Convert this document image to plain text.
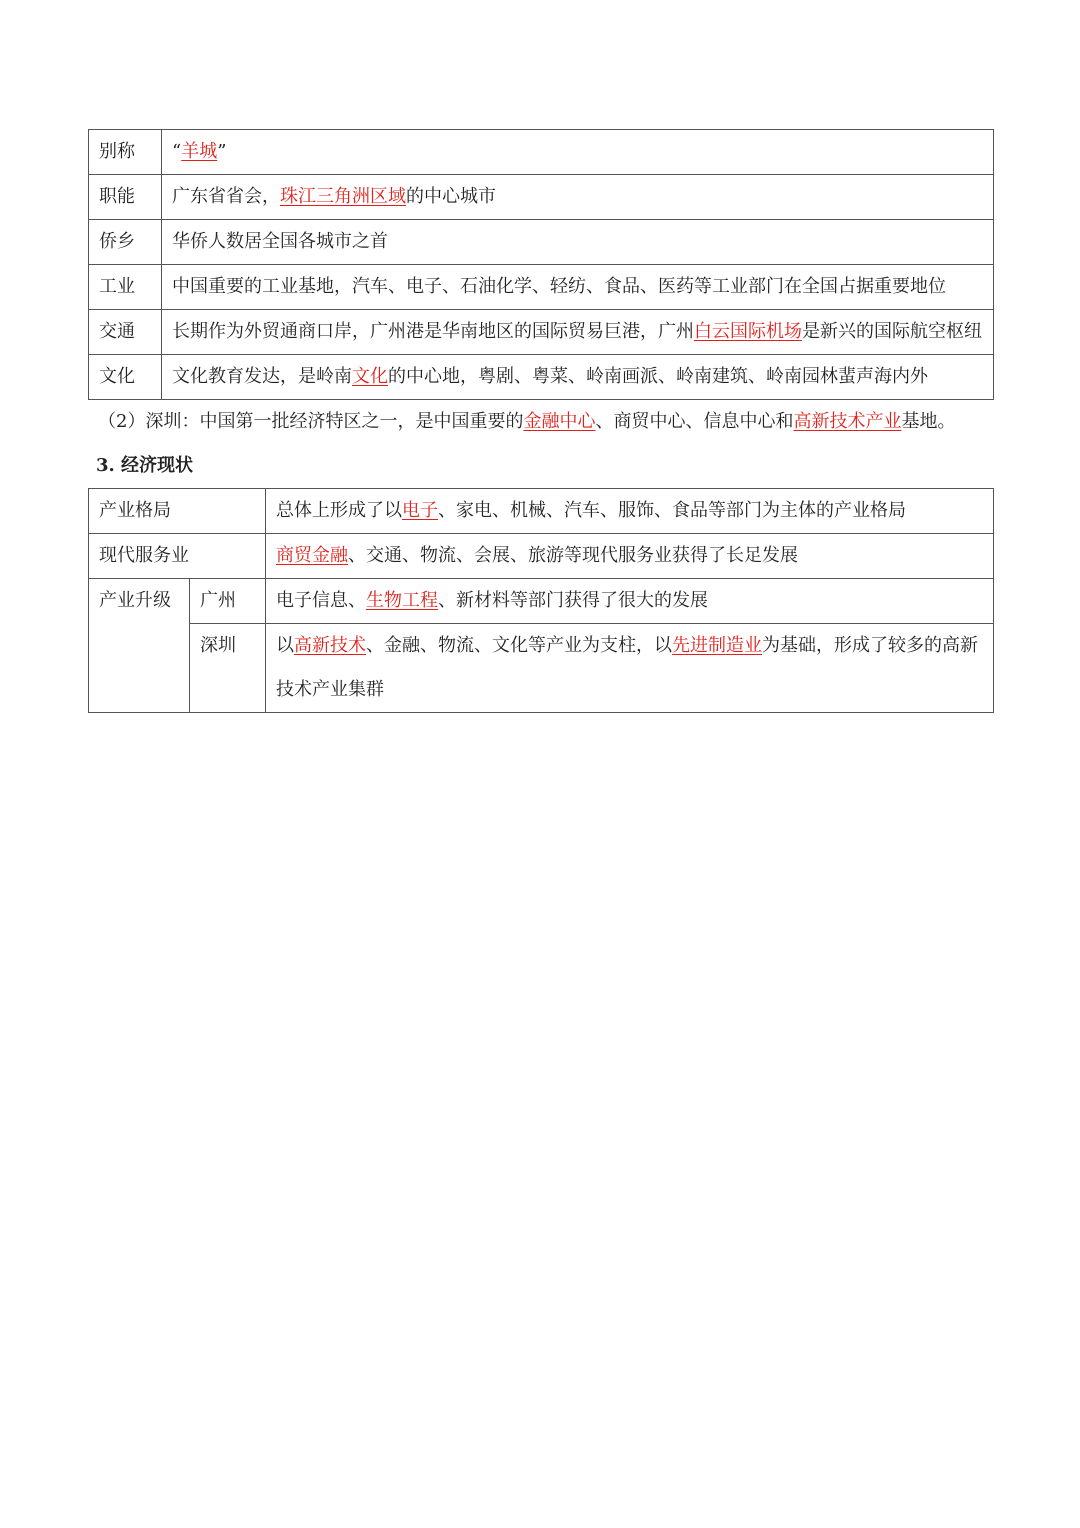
别称	“羊城”
职能	广东省省会，珠江三角洲区域的中心城市
侨乡	华侨人数居全国各城市之首
工业	中国重要的工业基地，汽车、电子、石油化学、轻纺、食品、医药等工业部门在全国占据重要地位
交通	长期作为外贸通商口岸，广州港是华南地区的国际贸易巨港，广州白云国际机场是新兴的国际航空枢纽
文化	文化教育发达，是岭南文化的中心地，粤剧、粤菜、岭南画派、岭南建筑、岭南园林蜚声海内外

（2）深圳：中国第一批经济特区之一，是中国重要的金融中心、商贸中心、信息中心和高新技术产业基地。

3. 经济现状

产业格局		总体上形成了以电子、家电、机械、汽车、服饰、食品等部门为主体的产业格局
现代服务业		商贸金融、交通、物流、会展、旅游等现代服务业获得了长足发展
产业升级	广州	电子信息、生物工程、新材料等部门获得了很大的发展
	深圳	以高新技术、金融、物流、文化等产业为支柱，以先进制造业为基础，形成了较多的高新技术产业集群
